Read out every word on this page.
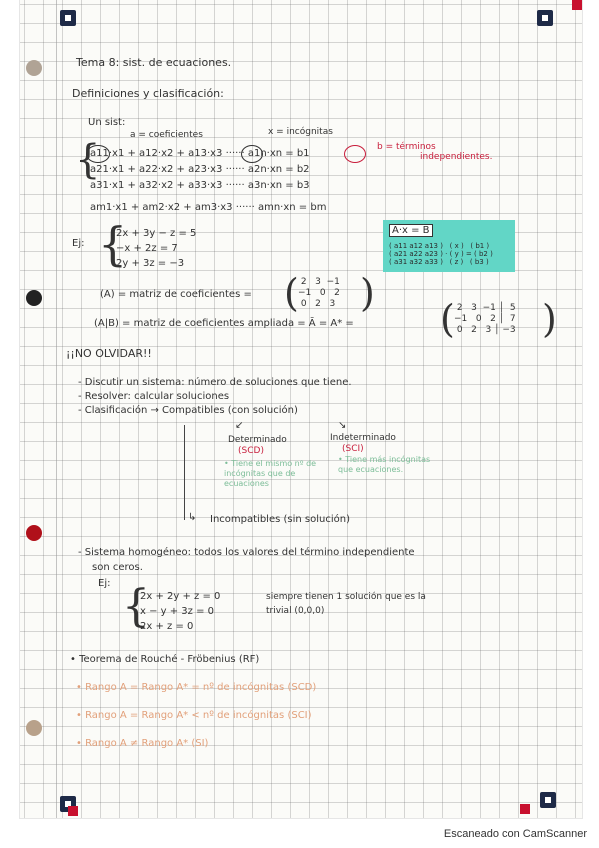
Tema 8: sist. de ecuaciones.
Definiciones y clasificación:
Un sist:
a = coeficientes	x = incógnitas
b = términos
independientes.
{
a11·x1 + a12·x2 + a13·x3 ······ a1n·xn = b1
a21·x1 + a22·x2 + a23·x3 ······ a2n·xn = b2
a31·x1 + a32·x2 + a33·x3 ······ a3n·xn = b3
am1·x1 + am2·x2 + am3·x3 ······ amn·xn = bm
A·x = B
( a11 a12 a13 )   ( x )   ( b1 )
( a21 a22 a23 ) · ( y ) = ( b2 )
( a31 a32 a33 )   ( z )   ( b3 )
Ej: {
2x + 3y − z = 5
−x + 2z = 7
2y + 3z = −3
(A) = matriz de coeficientes = ( 2   3  −1
−1   0   2
0   2   3 )
(A|B) = matriz de coeficientes ampliada = Ā = A* = ( 2   3  −1 │  5
−1   0   2 │  7
0   2   3 │ −3 )
¡¡NO OLVIDAR!!
- Discutir un sistema: número de soluciones que tiene.
- Resolver: calcular soluciones
- Clasificación → Compatibles (con solución)
↙	↘
Determinado
(SCD)
Indeterminado
(SCI)
• Tiene el mismo nº de incógnitas que de ecuaciones
• Tiene más incógnitas que ecuaciones.
↳ Incompatibles (sin solución)
- Sistema homogéneo: todos los valores del término independiente
son ceros.
Ej: {
2x + 2y + z = 0
x − y + 3z = 0
2x + z = 0
siempre tienen 1 solución que es la
trivial (0,0,0)
• Teorema de Rouché - Fröbenius (RF)
• Rango A = Rango A* = nº de incógnitas (SCD)
• Rango A = Rango A* < nº de incógnitas (SCI)
• Rango A ≠ Rango A* (SI)
Escaneado con CamScanner
